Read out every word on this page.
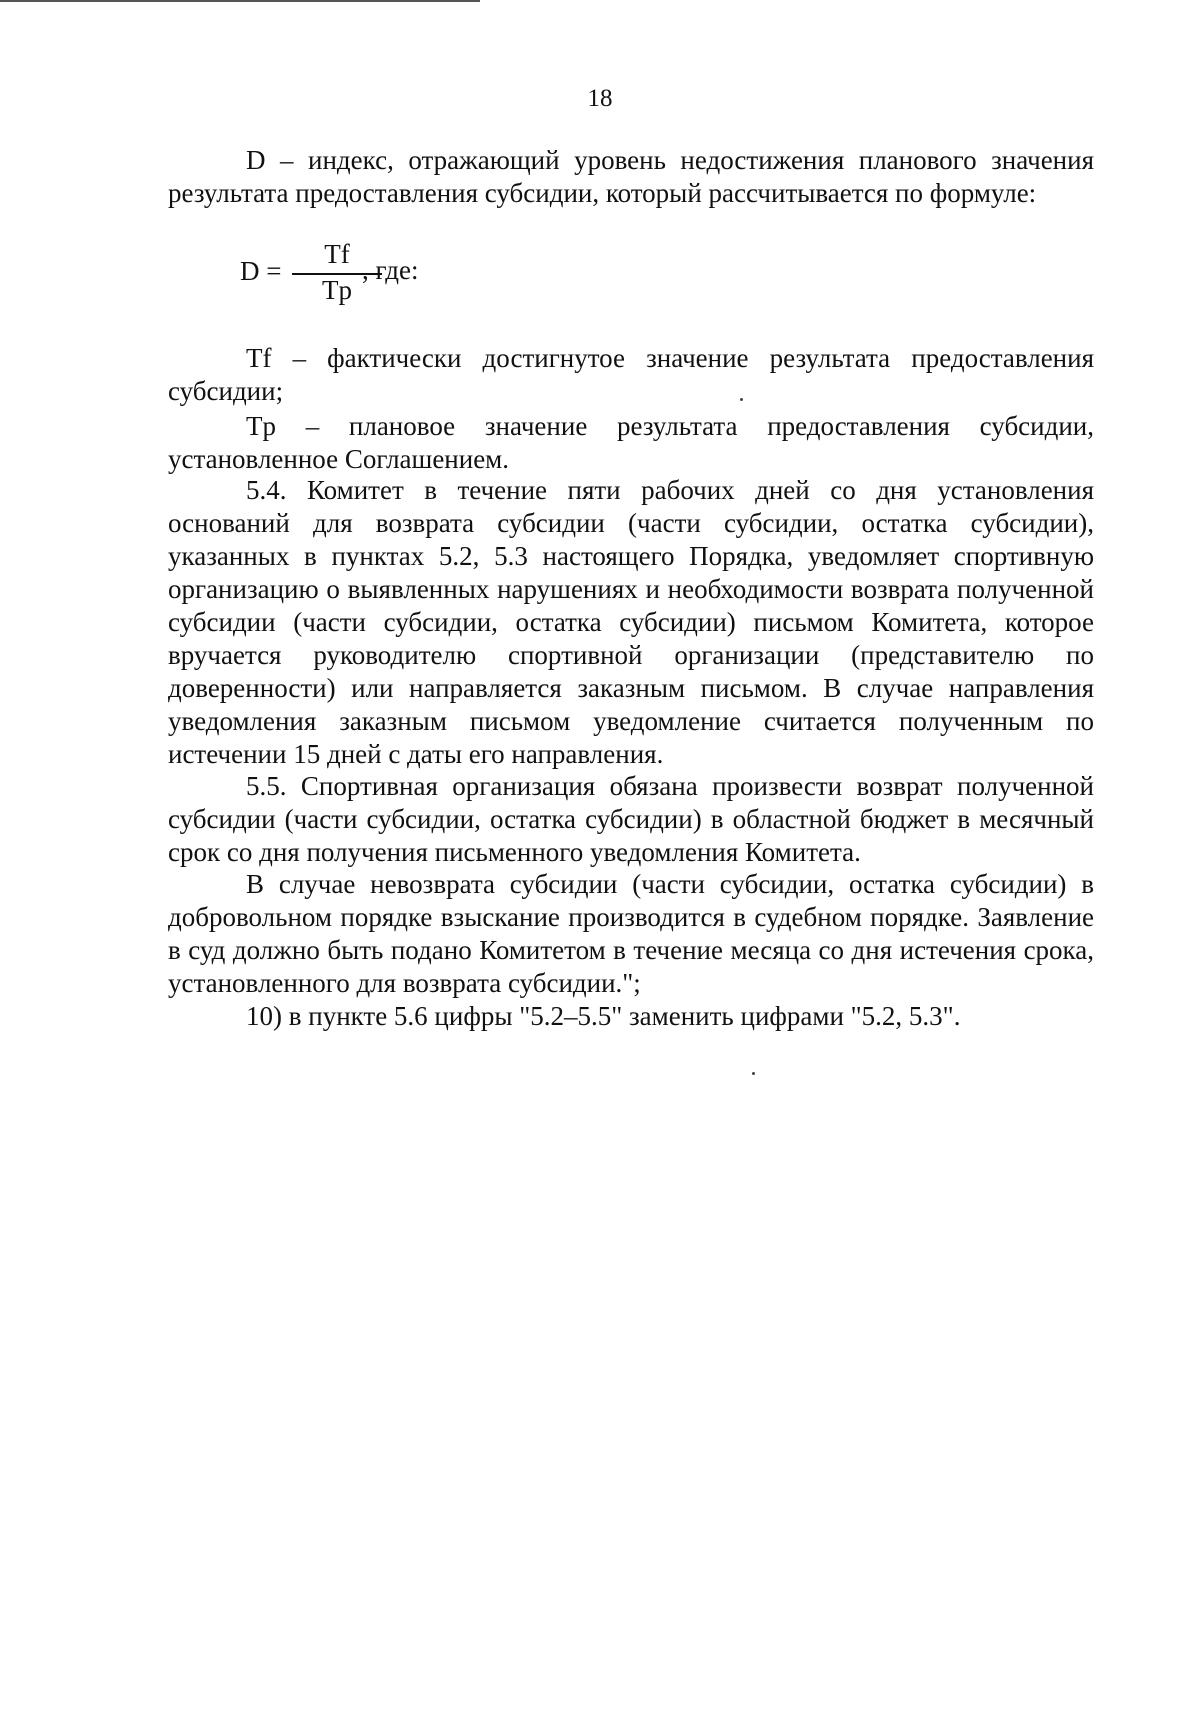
18
D – индекс, отражающий уровень недостижения планового значения результата предоставления субсидии, который рассчитывается по формуле:
D =
Tf
Tp
, где:
Tf – фактически достигнутое значение результата предоставления субсидии;
Tp – плановое значение результата предоставления субсидии, установленное Соглашением.
5.4. Комитет в течение пяти рабочих дней со дня установления оснований для возврата субсидии (части субсидии, остатка субсидии), указанных в пунктах 5.2, 5.3 настоящего Порядка, уведомляет спортивную организацию о выявленных нарушениях и необходимости возврата полученной субсидии (части субсидии, остатка субсидии) письмом Комитета, которое вручается руководителю спортивной организации (представителю по доверенности) или направляется заказным письмом. В случае направления уведомления заказным письмом уведомление считается полученным по истечении 15 дней с даты его направления.
5.5. Спортивная организация обязана произвести возврат полученной субсидии (части субсидии, остатка субсидии) в областной бюджет в месячный срок со дня получения письменного уведомления Комитета.
В случае невозврата субсидии (части субсидии, остатка субсидии) в добровольном порядке взыскание производится в судебном порядке. Заявление в суд должно быть подано Комитетом в течение месяца со дня истечения срока, установленного для возврата субсидии.";
10) в пункте 5.6 цифры "5.2–5.5" заменить цифрами "5.2, 5.3".
